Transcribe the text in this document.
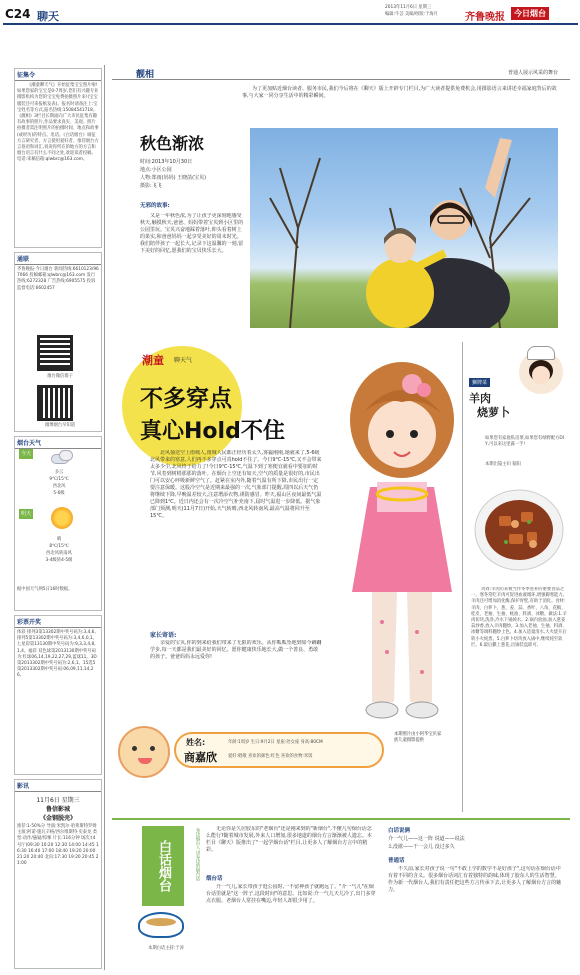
C24 聊天
2013年11月6日 星期三
编辑:牛芸 美编/组版:于海月	齐鲁晚报	今日烟台
征集令
《潮童聊天气》开始征集宝宝照片啦!如果您家的宝宝是0-7周岁,您们有兴趣专业摄影机构为您的宝宝免费拍摄照片来!(宝宝服装还可来报纸发表)。报名时请备注上:宝宝姓名等方式,报名热线:15084541718。《靓相》3栏目长期面向广大市民征集有趣有故事的照片,作品要求真实、美观。照片拍摄者需注明照片的拍摄时间、地点和故事(或经历)的特点。电话。《白话烟台》诚征方言研究者、方言使用爱好者、推荐烟台方言俗语和词汇,说说你所在的地方的方言和烟台语言有什么不同之处,欢迎读者投稿。电话:来稿信箱:qlwbrc@163.com。
通联
齐鲁晚报·今日烟台 新闻热线:6610123/967066 投稿邮箱:qlwbrc@163.com 发行热线:6272328 广告热线:6905575 投诉监督电话:6602457
烟台微信墙子
微博烟台早知道
烟台天气
今天
多云
9℃/15℃
西北风
5-6级
明天
晴
8℃/15℃
西北风转南风
3-4级转4-5级
据中国天气网5日16时数据。
彩票开奖
体彩 排列3第13302期中奖号码为:3,4,6。排列5第13302期中奖号码为:3,4,6,0,1。七星彩第13130期中奖号码为:9,3,3,4,8,1,4。福彩 双色球第2013130期中奖号码为:红球06,14,19,22,27,29,蓝球11。3D第2013302期中奖号码为:2,6,1。15选5第2013302期中奖号码:06,09,11,14,26。
影讯
11月6日 星期三
鲁信影城
《金钢脱壳》
推荐:1-50%分 导演:米凯尔·哈弗斯特罗姆 主演:阿诺·施瓦辛格/西尔维斯特·史泰龙 类型:动作/悬疑/惊悚 片长:116分钟 场次:(4号厅)09:30 10:20 12:30 14:00 14:45 16:30 16:40 17:00 18:40 19:20 20:00 21:20 20:40 北向:17:30 19:20 20:45 21:00
靓相	普通人展示风采的舞台
为了更加贴近烟台读者、服务市民,我们今后将在《聊天》版上开辟专门栏目,为广大读者提供免费机会,用摄影语言来讲述幸福家庭背后的故事,与大家一同分享生活中的精彩瞬间。
秋色渐浓
时间:2013年10月30日
地点:小区公园
人物:郑雨(妈妈) 王晓菡(宝贝)
摄影:飞飞
无邪的故事:
又是一年秋色浓,为了让孩子更深刻地感受秋天,触摸秋天,爸爸、妈妈带着宝贝到小区里的公园里玩。宝贝兴奋地踩着落叶,仰头看着树上的果实,和爸爸妈妈一起享受美好的周末时光。我们陪伴孩子一起长大,记录下这温馨的一刻,留下美好的回忆,愿我们的宝贝快乐长大。
潮童 聊天气
不多穿点
真心Hold不住
北风抽送空上雨城人,雨城人民都正经历着太久,雾霾刚刚,她就来了,5-6级北风带来的寒意,人们再不多穿点可真hold不住了。今日9℃-15℃,又不会带来太多少尘,北风终于给力了!今日9℃-15℃,气温下到了寒便宜就看中要加的时节,风卷到树梢那那的落叶。在烟台上空还有如天,空气的质量是很好的,市民出门可以安心呼吸新鲜空气了。赶紧在室内外,随着气温有所下降,市民出行一定要注意保暖。这股冷空气是近期来最强的一次,气象部门提醒,周四以后天气仍将继续下降,早晚温差较大,注意增添衣物,谨防感冒。昨天,福山区夜间最低气温已降到1℃。近日内还会有一次冷空气补充南下,届时气温进一步降低。据气象部门预测,明天(11月7日)开始,天气转晴,西北风转南风,最高气温将回升至15℃。
家长寄语:
亲爱的宝贝,你的到来给我们带来了无限的欢乐。从你呱呱坠地到如今蹒跚学步,每一天都是我们最美好的回忆。愿你健康快乐地长大,做一个善良、勇敢的孩子。爸爸妈妈永远爱你!
姓名:
商嘉欣
年龄:1周岁 生日:9月2日 星座:处女座 身高:80CM
爱好:唱歌 喜欢的颜色:红色 喜欢的食物:米饭
本期照片由小阿华宝贝家族儿童摄影提供
狮牌菜
羊肉
烧萝卜
如果您有家庭私房菜,如果您有绿野配方DIY,可以来这里露一手!
本期出镜主妇 韬阳
功效:羊肉历来被当作冬季进补的重要食品之一。寒冬常吃羊肉可促进血液循环,增强御寒能力。羊肉还可增加消化酶,保护胃壁,有助于消化。食材:羊肉、白萝卜、葱、姜、蒜、香叶、八角、花椒、桂皮、老抽、生抽、蚝油、料酒、冰糖。做法:1.羊肉切块,洗净,冷水下锅焯水。2.锅内放油,加入葱姜蒜炒香,放入羊肉翻炒。3.加入老抽、生抽、料酒、冰糖等调料翻炒上色。4.加入适量清水,大火烧开后转小火炖煮。5.白萝卜切块放入锅中,继续炖至软烂。6.最后撒上葱花,出锅装盘即可。
白话烟台	身边烟台人 讲身边的烟台话
本期白话主持:于涛
无论你是久居胶东的"老烟台"还是刚来到的"新烟台",不懂几句烟台话怎么能行?随着城市发展,外来人口增加,很多地道的烟台方言渐渐被人遗忘。本栏目《聊天》版推出了"一起学烟台话"栏目,让更多人了解烟台方言中的精彩。
烟台话
介一气儿,家长带孩子逛公园时,一不留神孩子就跑远了。"介一气儿"在烟台话里就是"这一阵子,这段时间"的意思。比如说:介一气儿天儿冷了,出门多穿点衣服。老烟台人常挂在嘴边,年轻人却很少用了。
白话说俩
介一气儿——这一阵 说道——说法
么没歇——干一会儿 没过多久
普通话
不久前,家长对孩子说一句"不敢上学的数学不是好孩子",这句话在烟台话中有着不同的含义。很多烟台话词汇有着独特的韵味,体现了胶东人的生活智慧。作为新一代烟台人,我们有责任把这些方言传承下去,让更多人了解烟台方言的魅力。
